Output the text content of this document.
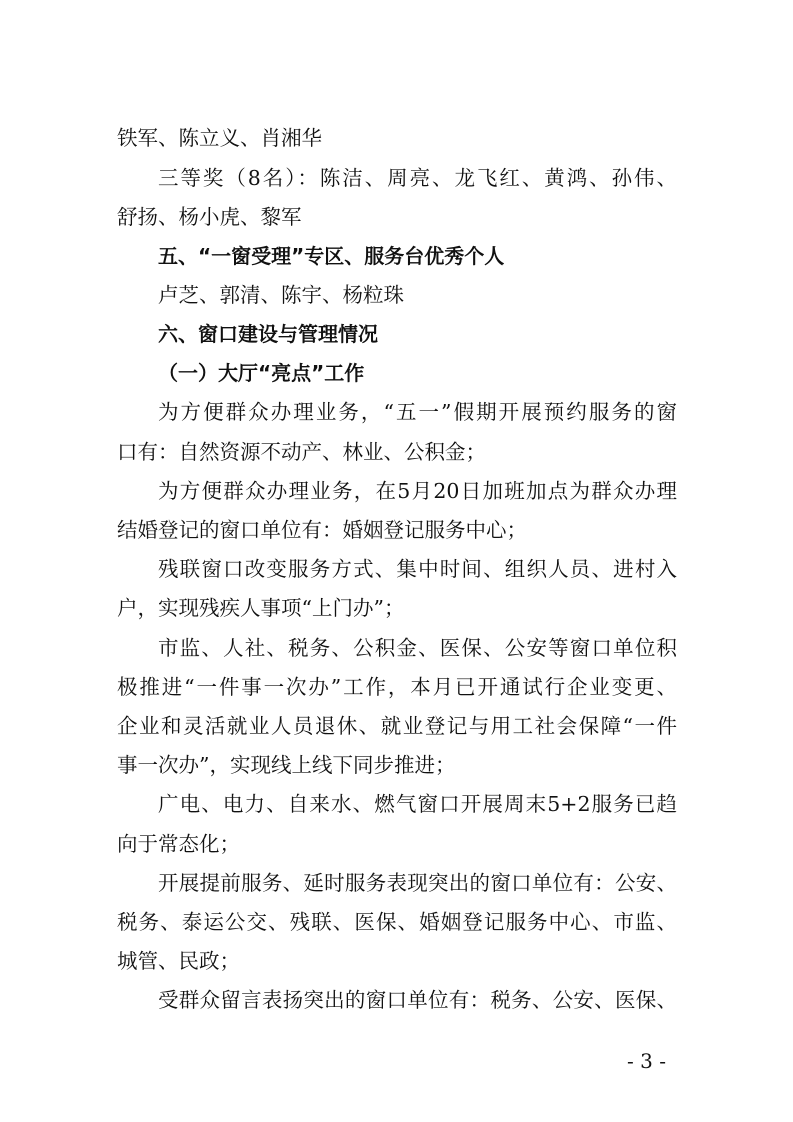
铁军、陈立义、肖湘华
三等奖（8名）：陈洁、周亮、龙飞红、黄鸿、孙伟、
舒扬、杨小虎、黎军
五、“一窗受理”专区、服务台优秀个人
卢芝、郭清、陈宇、杨粒珠
六、窗口建设与管理情况
（一）大厅“亮点”工作
为方便群众办理业务，“五一”假期开展预约服务的窗
口有：自然资源不动产、林业、公积金；
为方便群众办理业务，在5月20日加班加点为群众办理
结婚登记的窗口单位有：婚姻登记服务中心；
残联窗口改变服务方式、集中时间、组织人员、进村入
户，实现残疾人事项“上门办”；
市监、人社、税务、公积金、医保、公安等窗口单位积
极推进“一件事一次办”工作，本月已开通试行企业变更、
企业和灵活就业人员退休、就业登记与用工社会保障“一件
事一次办”，实现线上线下同步推进；
广电、电力、自来水、燃气窗口开展周末5+2服务已趋
向于常态化；
开展提前服务、延时服务表现突出的窗口单位有：公安、
税务、泰运公交、残联、医保、婚姻登记服务中心、市监、
城管、民政；
受群众留言表扬突出的窗口单位有：税务、公安、医保、
- 3 -
